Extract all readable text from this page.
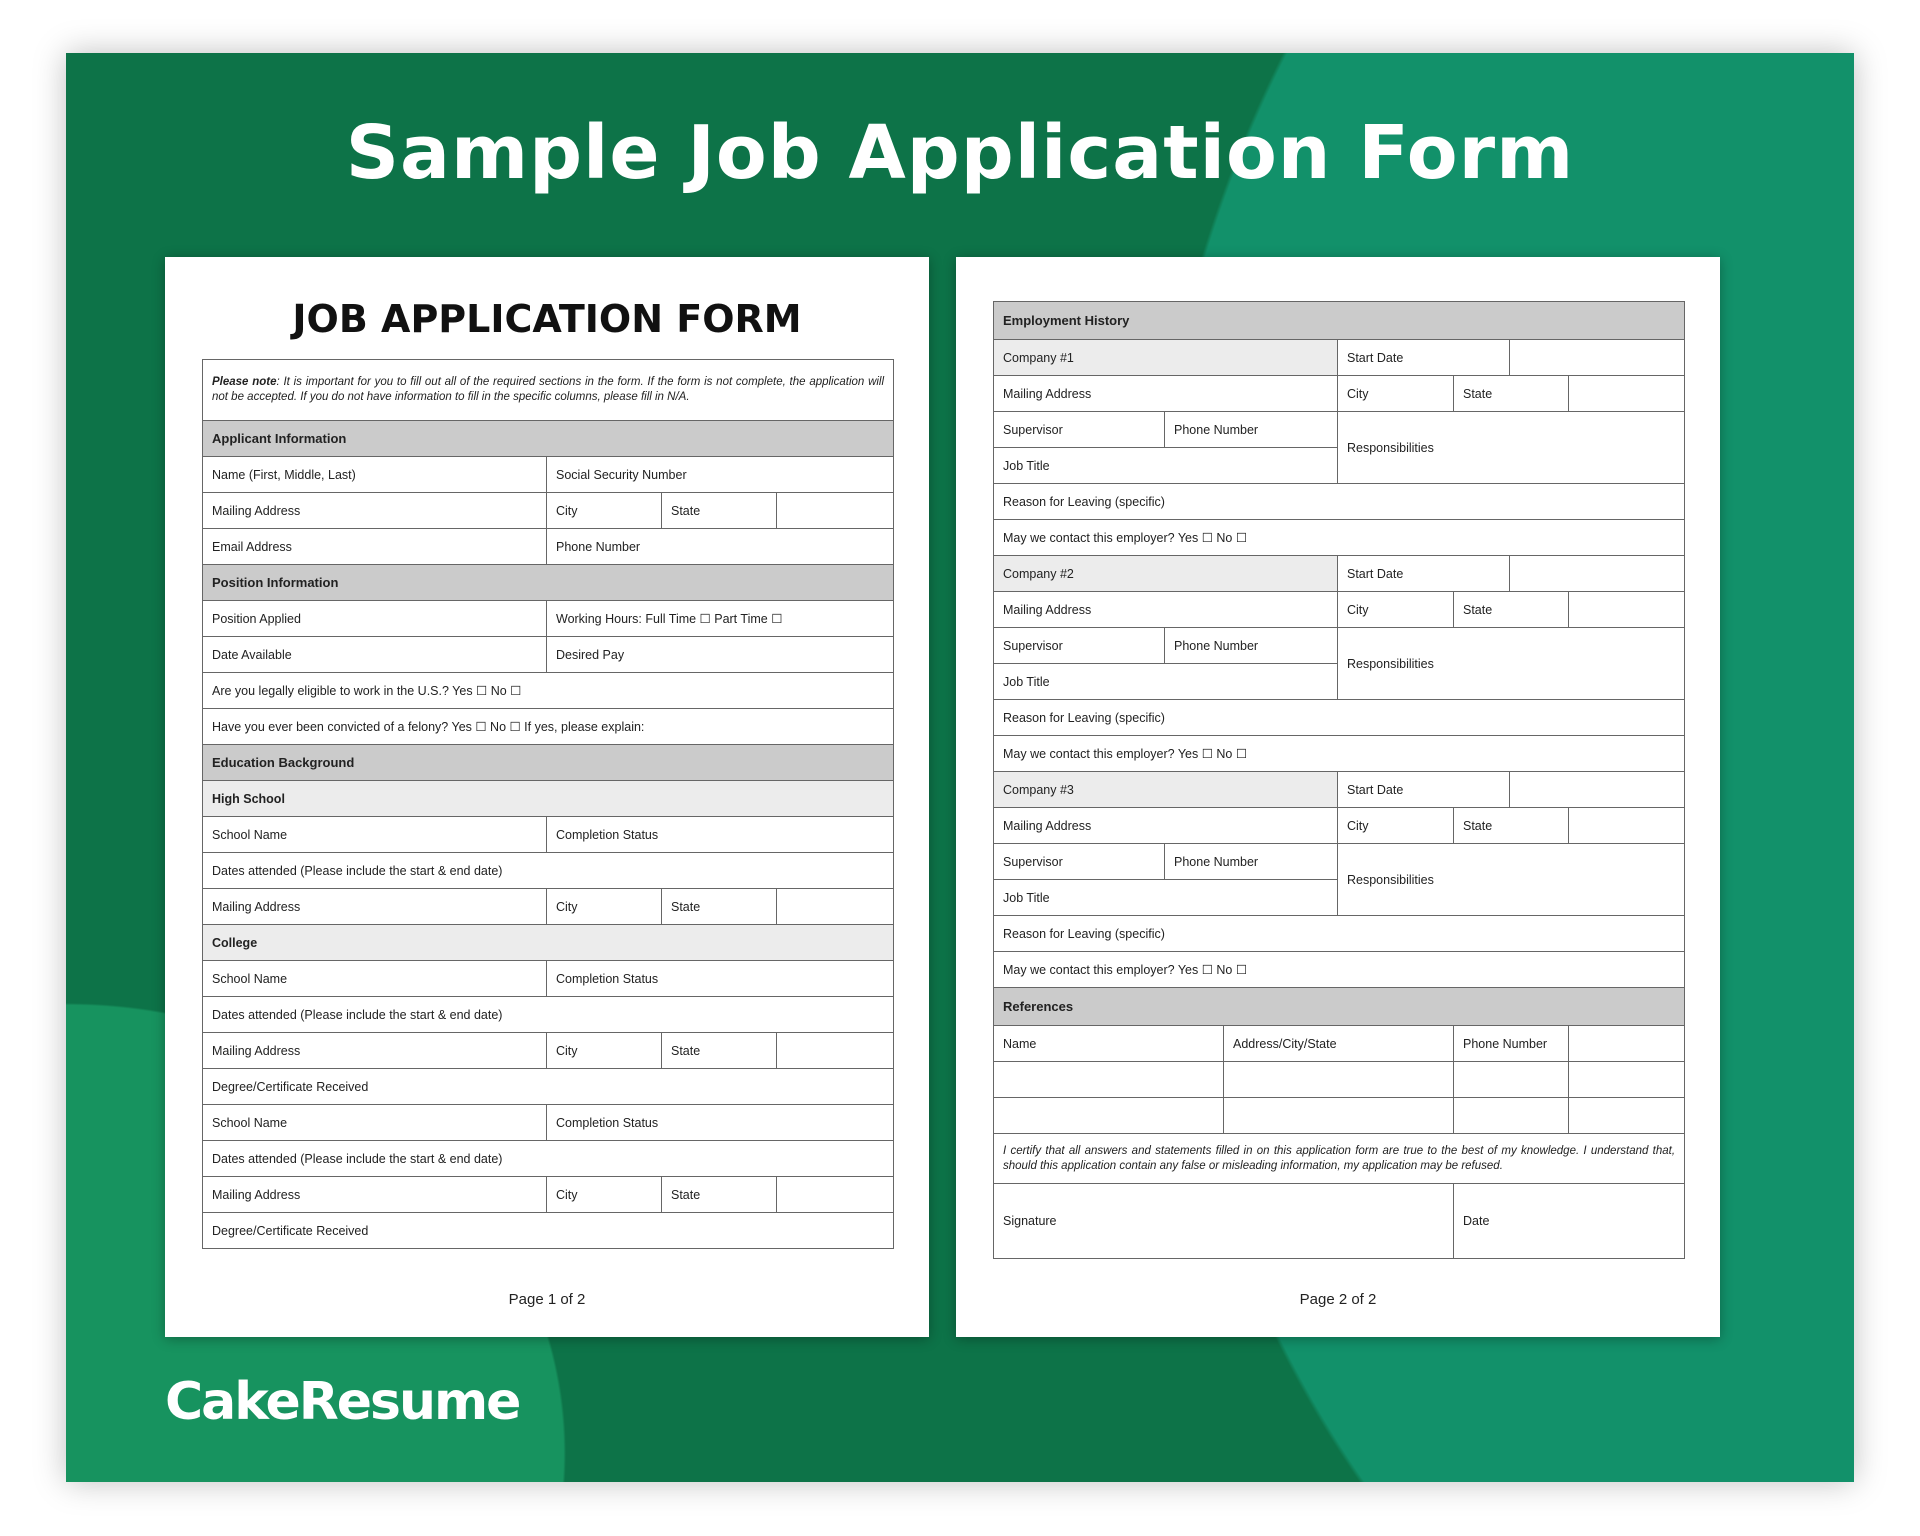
Sample Job Application Form
JOB APPLICATION FORM
Please note: It is important for you to fill out all of the required sections in the form. If the form is not complete, the application will not be accepted. If you do not have information to fill in the specific columns, please fill in N/A.			
Applicant Information			
Name (First, Middle, Last)	Social Security Number		
Mailing Address	City	State	
Email Address	Phone Number		
Position Information			
Position Applied	Working Hours: Full Time ☐ Part Time ☐		
Date Available	Desired Pay		
Are you legally eligible to work in the U.S.? Yes ☐ No ☐			
Have you ever been convicted of a felony? Yes ☐ No ☐ If yes, please explain:			
Education Background			
High School			
School Name	Completion Status		
Dates attended (Please include the start & end date)			
Mailing Address	City	State	
College			
School Name	Completion Status		
Dates attended (Please include the start & end date)			
Mailing Address	City	State	
Degree/Certificate Received			
School Name	Completion Status		
Dates attended (Please include the start & end date)			
Mailing Address	City	State	
Degree/Certificate Received			
Page 1 of 2
Employment History						
Company #1			Start Date			
Mailing Address			City	State		
Supervisor	Phone Number		Responsibilities			
Job Title						
Reason for Leaving (specific)						
May we contact this employer? Yes ☐ No ☐						
Company #2			Start Date			
Mailing Address			City	State		
Supervisor	Phone Number		Responsibilities			
Job Title						
Reason for Leaving (specific)						
May we contact this employer? Yes ☐ No ☐						
Company #3			Start Date			
Mailing Address			City	State		
Supervisor	Phone Number		Responsibilities			
Job Title						
Reason for Leaving (specific)						
May we contact this employer? Yes ☐ No ☐						
References						
Name		Address/City/State		Phone Number		

I certify that all answers and statements filled in on this application form are true to the best of my knowledge. I understand that, should this application contain any false or misleading information, my application may be refused.						
Signature				Date		
Page 2 of 2
CakeResume
